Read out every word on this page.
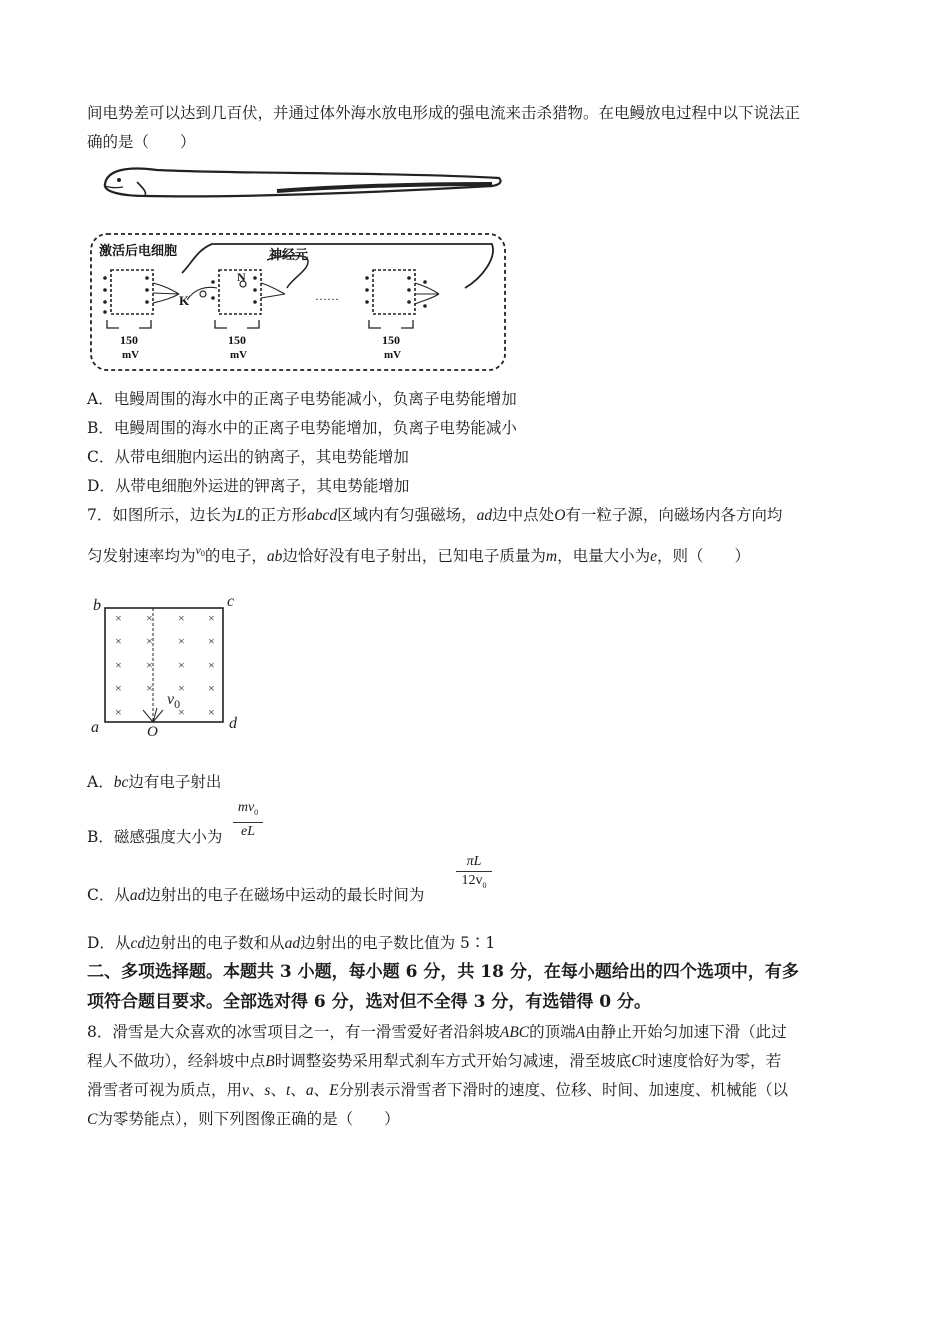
间电势差可以达到几百伏，并通过体外海水放电形成的强电流来击杀猎物。在电鳗放电过程中以下说法正
确的是（　　）
激活后电细胞	神经元
K
N
……
150
mV
150
mV
150
mV
A．电鳗周围的海水中的正离子电势能减小，负离子电势能增加
B．电鳗周围的海水中的正离子电势能增加，负离子电势能减小
C．从带电细胞内运出的钠离子，其电势能增加
D．从带电细胞外运进的钾离子，其电势能增加
7．如图所示，边长为L的正方形abcd区域内有匀强磁场，ad边中点处O有一粒子源，向磁场内各方向均
匀发射速率均为$^{v0}$的电子，ab边恰好没有电子射出，已知电子质量为m，电量大小为e，则（　　）
× × × ×
× × × ×
× × × ×
× × × ×
×	× ×
b	c
a	d
O
$v_0$
A．bc边有电子射出
B．磁感强度大小为
$mv_0$
eL
C．从ad边射出的电子在磁场中运动的最长时间为
πL
$12v_0$
D．从cd边射出的电子数和从ad边射出的电子数比值为 5∶1
二、多项选择题。本题共 3 小题，每小题 6 分，共 18 分，在每小题给出的四个选项中，有多
项符合题目要求。全部选对得 6 分，选对但不全得 3 分，有选错得 0 分。
8．滑雪是大众喜欢的冰雪项目之一，有一滑雪爱好者沿斜坡ABC的顶端A由静止开始匀加速下滑（此过
程人不做功），经斜坡中点B时调整姿势采用犁式刹车方式开始匀减速，滑至坡底C时速度恰好为零，若
滑雪者可视为质点，用v、s、t、a、E分别表示滑雪者下滑时的速度、位移、时间、加速度、机械能（以
C为零势能点），则下列图像正确的是（　　）
